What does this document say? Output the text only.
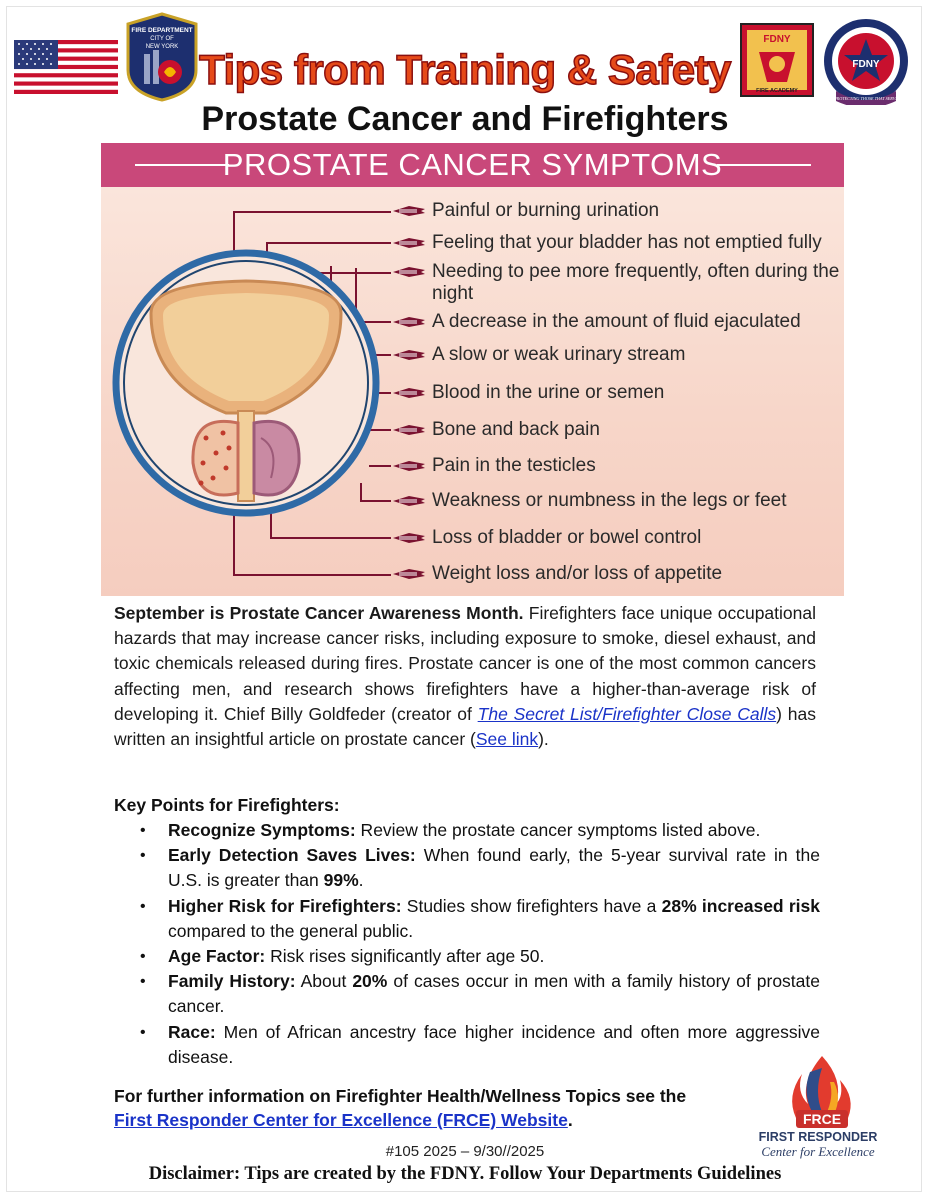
FIRE DEPARTMENT
CITY OF
NEW YORK Tips from Training & Safety
FDNY
FIRE ACADEMY
FDNY
PROTECTING THOSE THAT SERVE
Prostate Cancer and Firefighters
PROSTATE CANCER SYMPTOMS
Painful or burning urination
Feeling that your bladder has not emptied fully
Needing to pee more frequently, often during the night
A decrease in the amount of fluid ejaculated
A slow or weak urinary stream
Blood in the urine or semen
Bone and back pain
Pain in the testicles
Weakness or numbness in the legs or feet
Loss of bladder or bowel control
Weight loss and/or loss of appetite
September is Prostate Cancer Awareness Month. Firefighters face unique occupational hazards that may increase cancer risks, including exposure to smoke, diesel exhaust, and toxic chemicals released during fires. Prostate cancer is one of the most common cancers affecting men, and research shows firefighters have a higher-than-average risk of developing it. Chief Billy Goldfeder (creator of The Secret List/Firefighter Close Calls) has written an insightful article on prostate cancer (See link).
Key Points for Firefighters:
• Recognize Symptoms: Review the prostate cancer symptoms listed above.
• Early Detection Saves Lives: When found early, the 5-year survival rate in the U.S. is greater than 99%.
• Higher Risk for Firefighters: Studies show firefighters have a 28% increased risk compared to the general public.
• Age Factor: Risk rises significantly after age 50.
• Family History: About 20% of cases occur in men with a family history of prostate cancer.
• Race: Men of African ancestry face higher incidence and often more aggressive disease.
For further information on Firefighter Health/Wellness Topics see the
First Responder Center for Excellence (FRCE) Website.	FRCE
FIRST RESPONDER
Center for Excellence
#105 2025 – 9/30//2025
Disclaimer: Tips are created by the FDNY. Follow Your Departments Guidelines
